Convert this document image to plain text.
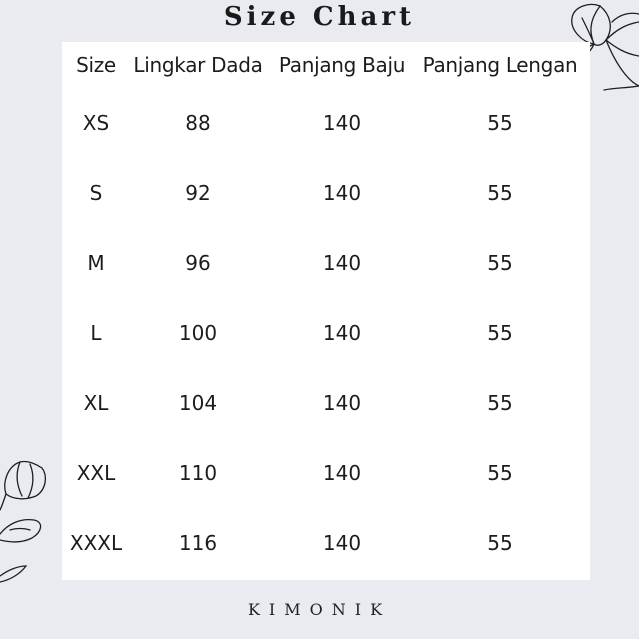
Size Chart
Size	Lingkar Dada	Panjang Baju	Panjang Lengan
XS	88	140	55
S	92	140	55
M	96	140	55
L	100	140	55
XL	104	140	55
XXL	110	140	55
XXXL	116	140	55
KIMONIK
